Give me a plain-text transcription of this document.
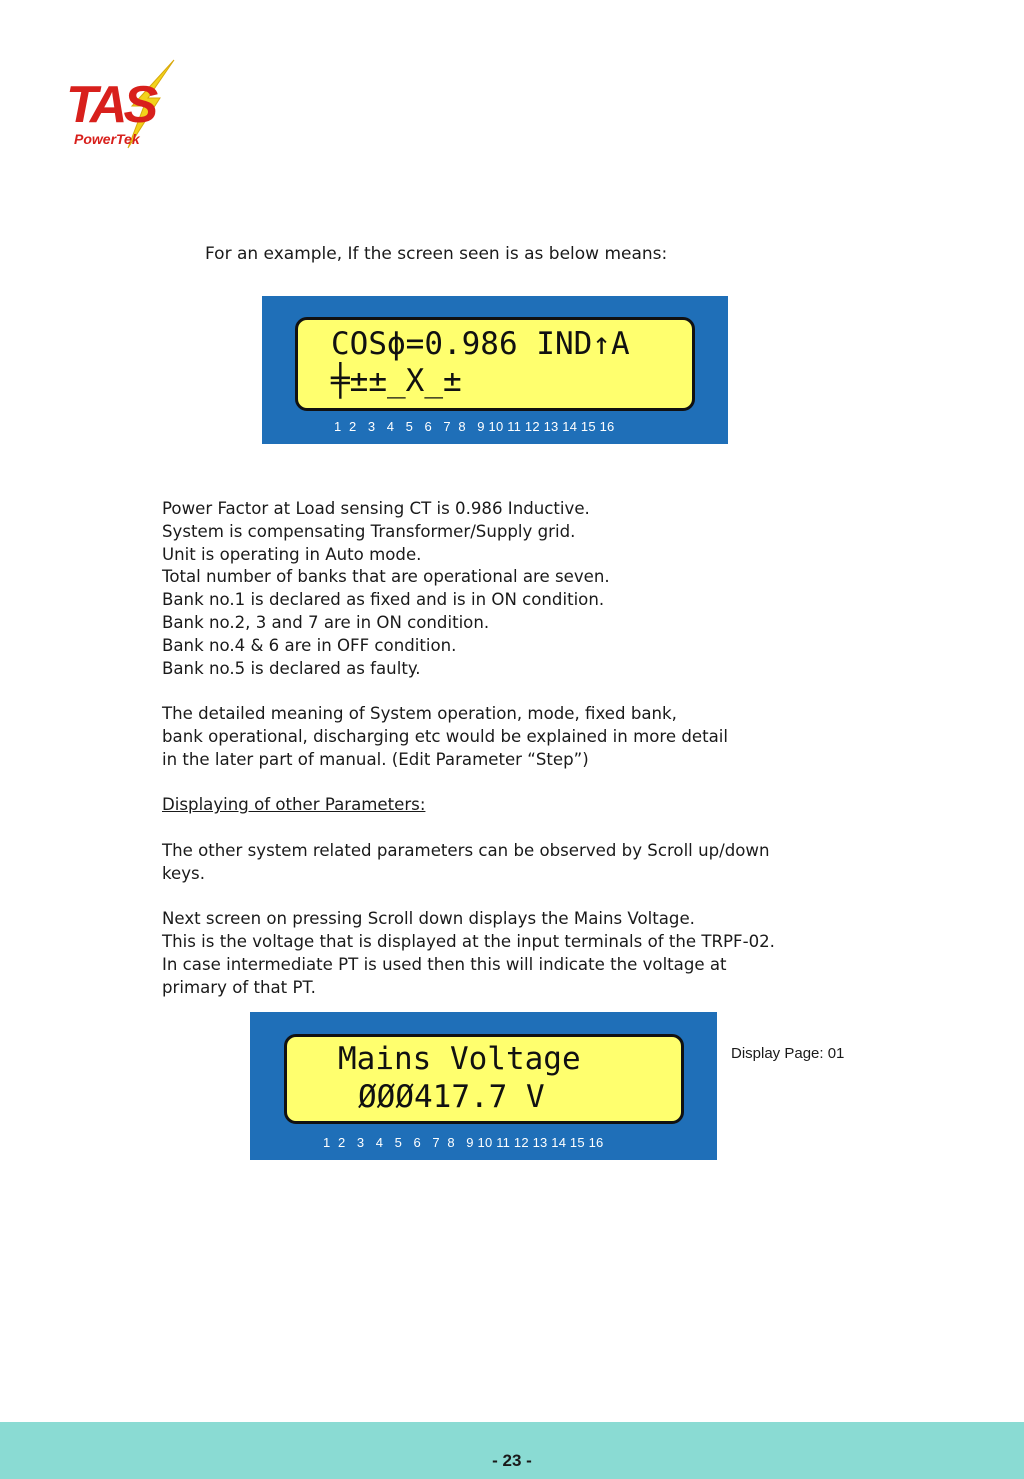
TAS
PowerTek

For an example, If the screen seen is as below means:

COSϕ=0.986 IND↑A
╪±±_X_±
1  2   3   4   5   6   7  8   9 10 11 12 13 14 15 16

Power Factor at Load sensing CT is 0.986 Inductive.

System is compensating Transformer/Supply grid.

Unit is operating in Auto mode.

Total number of banks that are operational are seven.

Bank no.1 is declared as fixed and is in ON condition.

Bank no.2, 3 and 7 are in ON condition.

Bank no.4 & 6 are in OFF condition.

Bank no.5 is declared as faulty.

The detailed meaning of System operation, mode, fixed bank,

bank operational, discharging etc would be explained in more detail

in the later part of manual. (Edit Parameter “Step”)

Displaying of other Parameters:

The other system related parameters can be observed by Scroll up/down

keys.

Next screen on pressing Scroll down displays the Mains Voltage.

This is the voltage that is displayed at the input terminals of the TRPF-02.

In case intermediate PT is used then this will indicate the voltage at

primary of that PT.

Mains Voltage
ØØØ417.7 V
1  2   3   4   5   6   7  8   9 10 11 12 13 14 15 16
Display Page: 01
- 23 -
